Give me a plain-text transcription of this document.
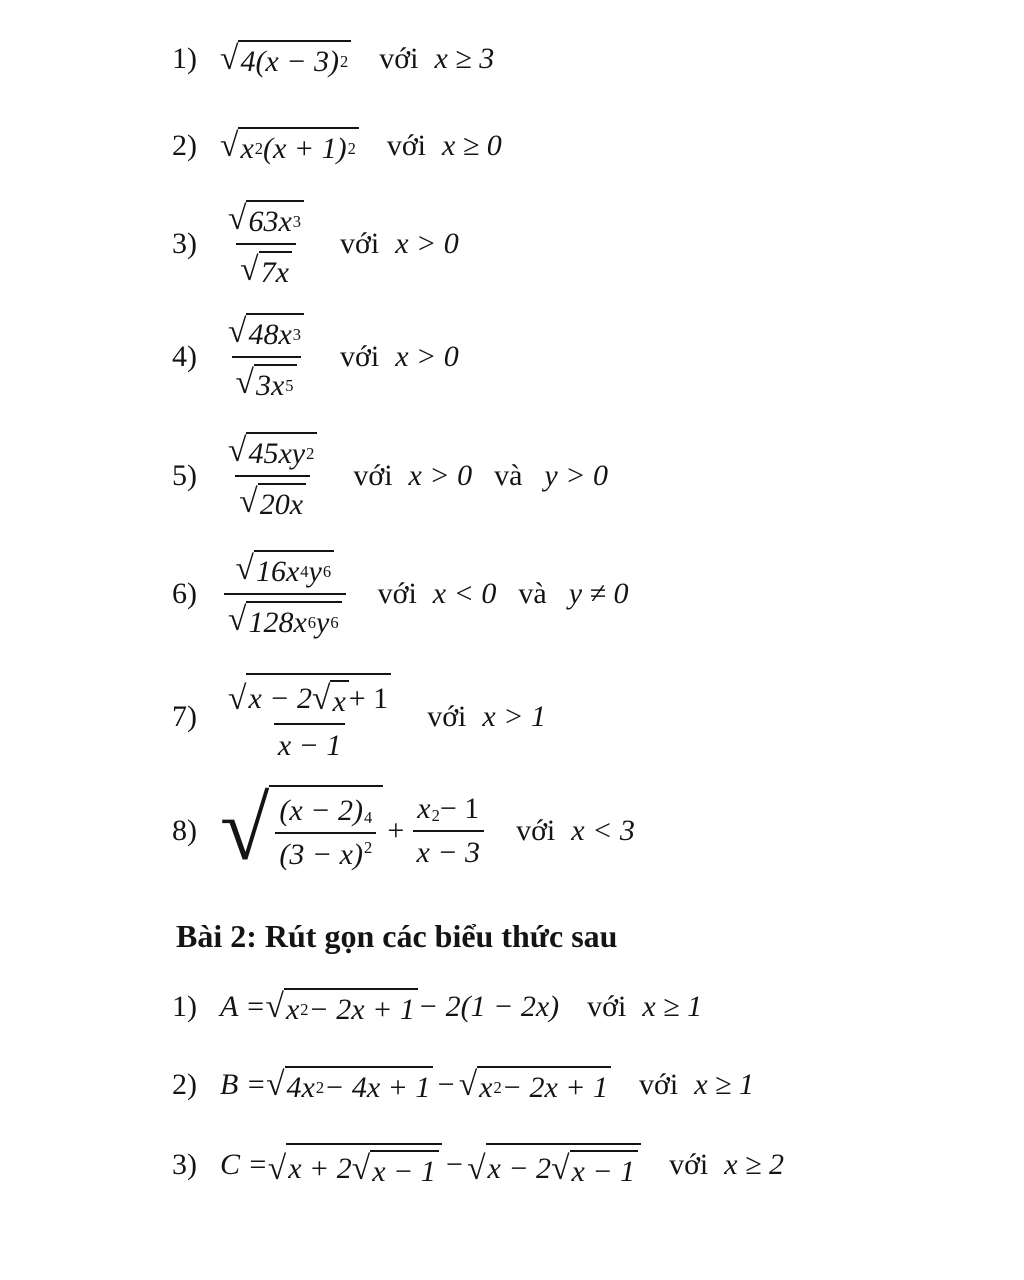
1) √ 4(x − 3) 2 với x ≥ 3
2) √ x 2 (x + 1) 2 với x ≥ 0
$3) \frac{√ 63x 3}{√ 7x}$ với x > 0
$4) \frac{√ 48x 3}{√ 3x 5}$ với x > 0
$5) \frac{√ 45xy 2}{√ 20x}$ với x > 0 và y > 0
$6) \frac{√ 16x 4 y 6}{√ 128x 6 y 6}$ với x < 0 và y ≠ 0
$7) \frac{√ x - 2 √ x + 1}{x - 1}$ với x > 1
8) √ $\frac{(x - 2) 4}{(3 - x) 2} + \frac{x 2 - 1}{x - 3}$ với x < 3
Bài 2: Rút gọn các biểu thức sau
1) A = √ x 2 − 2x + 1 − 2(1 − 2x) với x ≥ 1
2) B = √ 4x 2 − 4x + 1 − √ x 2 − 2x + 1 với x ≥ 1
3) C = √ x + 2 √ x − 1 − √ x − 2 √ x − 1 với x ≥ 2
